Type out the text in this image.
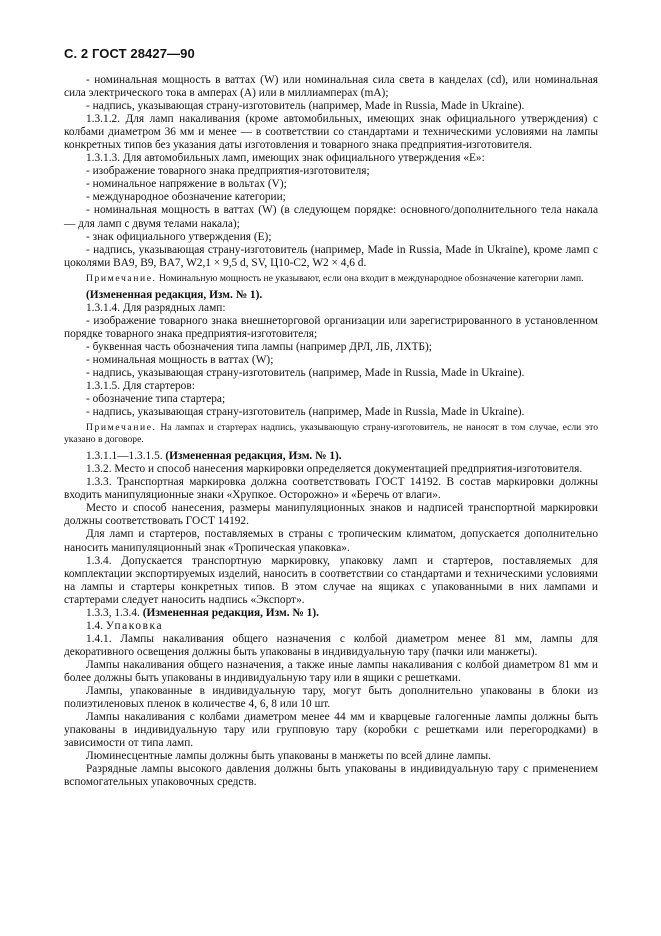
С. 2 ГОСТ 28427—90

- номинальная мощность в ваттах (W) или номинальная сила света в канделах (cd), или номинальная сила электрического тока в амперах (А) или в миллиамперах (mA);

- надпись, указывающая страну-изготовитель (например, Made in Russia, Made in Ukraine).

1.3.1.2. Для ламп накаливания (кроме автомобильных, имеющих знак официального утверждения) с колбами диаметром 36 мм и менее — в соответствии со стандартами и техническими условиями на лампы конкретных типов без указания даты изготовления и товарного знака предприятия-изготовителя.

1.3.1.3. Для автомобильных ламп, имеющих знак официального утверждения «Е»:

- изображение товарного знака предприятия-изготовителя;

- номинальное напряжение в вольтах (V);

- международное обозначение категории;

- номинальная мощность в ваттах (W) (в следующем порядке: основного/дополнительного тела накала — для ламп с двумя телами накала);

- знак официального утверждения (Е);

- надпись, указывающая страну-изготовитель (например, Made in Russia, Made in Ukraine), кроме ламп с цоколями BA9, B9, BA7, W2,1 × 9,5 d, SV, Ц10-С2, W2 × 4,6 d.

Примечание. Номинальную мощность не указывают, если она входит в международное обозначение категории ламп.

(Измененная редакция, Изм. № 1).

1.3.1.4. Для разрядных ламп:

- изображение товарного знака внешнеторговой организации или зарегистрированного в установленном порядке товарного знака предприятия-изготовителя;

- буквенная часть обозначения типа лампы (например ДРЛ, ЛБ, ЛХТБ);

- номинальная мощность в ваттах (W);

- надпись, указывающая страну-изготовитель (например, Made in Russia, Made in Ukraine).

1.3.1.5. Для стартеров:

- обозначение типа стартера;

- надпись, указывающая страну-изготовитель (например, Made in Russia, Made in Ukraine).

Примечание. На лампах и стартерах надпись, указывающую страну-изготовитель, не наносят в том случае, если это указано в договоре.

1.3.1.1—1.3.1.5. (Измененная редакция, Изм. № 1).

1.3.2. Место и способ нанесения маркировки определяется документацией предприятия-изготовителя.

1.3.3. Транспортная маркировка должна соответствовать ГОСТ 14192. В состав маркировки должны входить манипуляционные знаки «Хрупкое. Осторожно» и «Беречь от влаги».

Место и способ нанесения, размеры манипуляционных знаков и надписей транспортной маркировки должны соответствовать ГОСТ 14192.

Для ламп и стартеров, поставляемых в страны с тропическим климатом, допускается дополнительно наносить манипуляционный знак «Тропическая упаковка».

1.3.4. Допускается транспортную маркировку, упаковку ламп и стартеров, поставляемых для комплектации экспортируемых изделий, наносить в соответствии со стандартами и техническими условиями на лампы и стартеры конкретных типов. В этом случае на ящиках с упакованными в них лампами и стартерами следует наносить надпись «Экспорт».

1.3.3, 1.3.4. (Измененная редакция, Изм. № 1).

1.4. Упаковка

1.4.1. Лампы накаливания общего назначения с колбой диаметром менее 81 мм, лампы для декоративного освещения должны быть упакованы в индивидуальную тару (пачки или манжеты).

Лампы накаливания общего назначения, а также иные лампы накаливания с колбой диаметром 81 мм и более должны быть упакованы в индивидуальную тару или в ящики с решетками.

Лампы, упакованные в индивидуальную тару, могут быть дополнительно упакованы в блоки из полиэтиленовых пленок в количестве 4, 6, 8 или 10 шт.

Лампы накаливания с колбами диаметром менее 44 мм и кварцевые галогенные лампы должны быть упакованы в индивидуальную тару или групповую тару (коробки с решетками или перегородками) в зависимости от типа ламп.

Люминесцентные лампы должны быть упакованы в манжеты по всей длине лампы.

Разрядные лампы высокого давления должны быть упакованы в индивидуальную тару с применением вспомогательных упаковочных средств.
